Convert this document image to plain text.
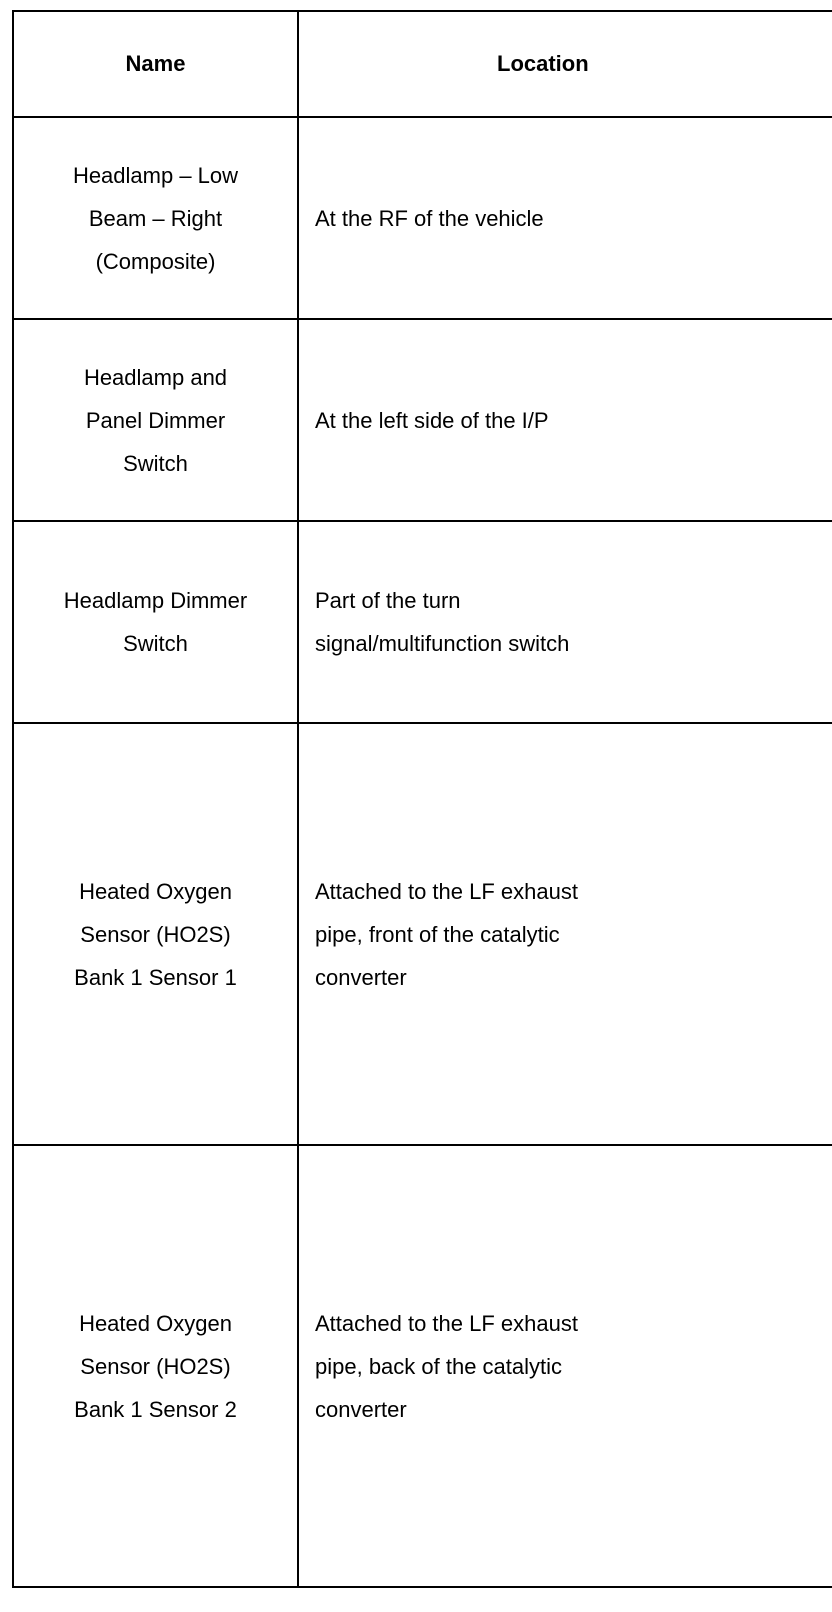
Name	Location

Headlamp – Low
Beam – Right
(Composite)	At the RF of the vehicle

Headlamp and
Panel Dimmer
Switch	At the left side of the I/P

Headlamp Dimmer
Switch	Part of the turn signal/multifunction switch

Heated Oxygen
Sensor (HO2S)
Bank 1 Sensor 1	Attached to the LF exhaust pipe, front of the catalytic converter

Heated Oxygen
Sensor (HO2S)
Bank 1 Sensor 2	Attached to the LF exhaust pipe, back of the catalytic converter
